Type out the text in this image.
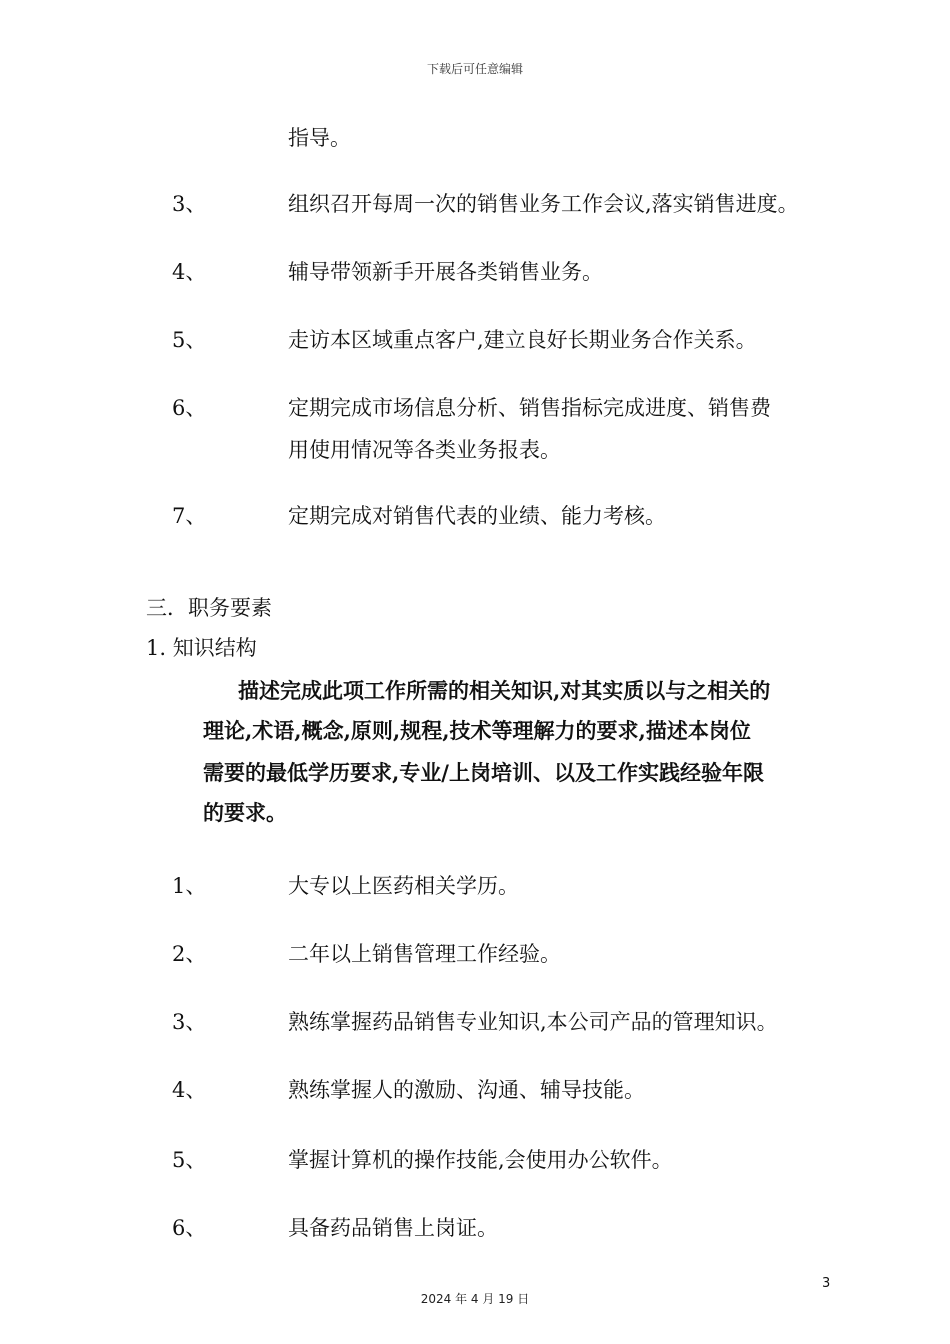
下载后可任意编辑
指导。
3、	组织召开每周一次的销售业务工作会议,落实销售进度。
4、	辅导带领新手开展各类销售业务。
5、	走访本区域重点客户,建立良好长期业务合作关系。
6、	定期完成市场信息分析、销售指标完成进度、销售费
用使用情况等各类业务报表。
7、	定期完成对销售代表的业绩、能力考核。
三．职务要素
1. 知识结构
描述完成此项工作所需的相关知识,对其实质以与之相关的
理论,术语,概念,原则,规程,技术等理解力的要求,描述本岗位
需要的最低学历要求,专业/上岗培训、以及工作实践经验年限
的要求。
1、	大专以上医药相关学历。
2、	二年以上销售管理工作经验。
3、	熟练掌握药品销售专业知识,本公司产品的管理知识。
4、	熟练掌握人的激励、沟通、辅导技能。
5、	掌握计算机的操作技能,会使用办公软件。
6、	具备药品销售上岗证。
3
2024 年 4 月 19 日
